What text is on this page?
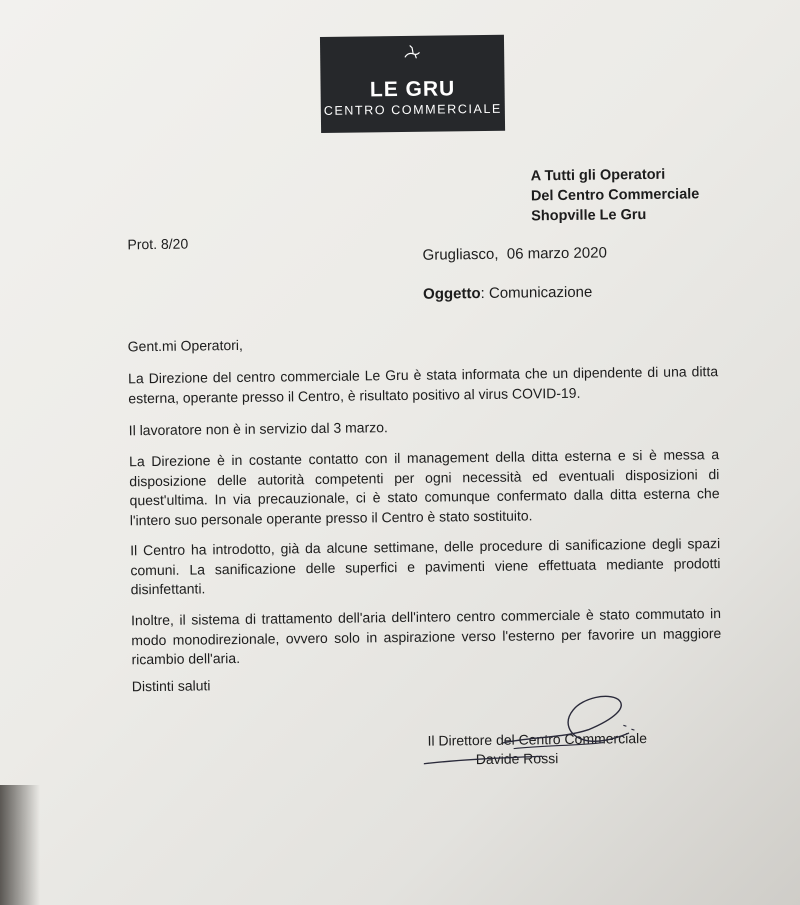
LE GRU
CENTRO COMMERCIALE
A Tutti gli Operatori
Del Centro Commerciale
Shopville Le Gru
Prot. 8/20
Grugliasco,  06 marzo 2020
Oggetto: Comunicazione
Gent.mi Operatori,
La Direzione del centro commerciale Le Gru è stata informata che un dipendente di una ditta esterna, operante presso il Centro, è risultato positivo al virus COVID-19.
Il lavoratore non è in servizio dal 3 marzo.
La Direzione è in costante contatto con il management della ditta esterna e si è messa a disposizione delle autorità competenti per ogni necessità ed eventuali disposizioni di quest'ultima. In via precauzionale, ci è stato comunque confermato dalla ditta esterna che l'intero suo personale operante presso il Centro è stato sostituito.
Il Centro ha introdotto, già da alcune settimane, delle procedure di sanificazione degli spazi comuni. La sanificazione delle superfici e pavimenti viene effettuata mediante prodotti disinfettanti.
Inoltre, il sistema di trattamento dell'aria dell'intero centro commerciale è stato commutato in modo monodirezionale, ovvero solo in aspirazione verso l'esterno per favorire un maggiore ricambio dell'aria.
Distinti saluti
Il Direttore del Centro Commerciale
Davide Rossi
